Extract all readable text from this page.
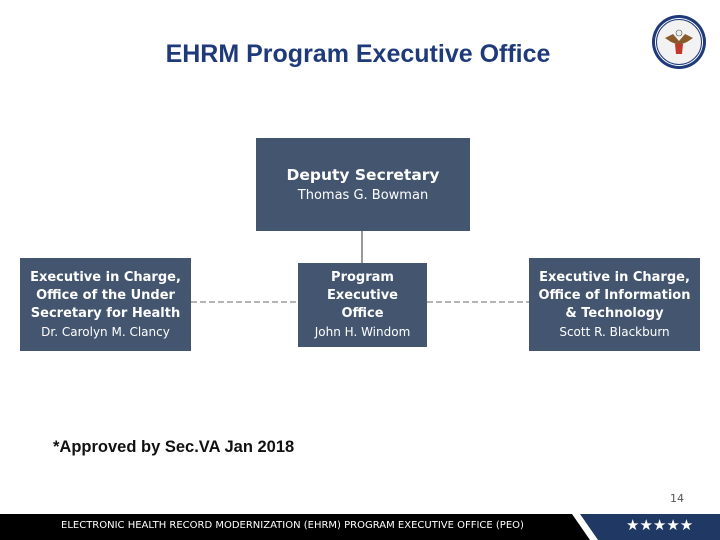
EHRM Program Executive Office
Deputy Secretary
Thomas G. Bowman
Executive in Charge,
Office of the Under
Secretary for Health
Dr. Carolyn M. Clancy
Program
Executive Office
John H. Windom
Executive in Charge,
Office of Information
& Technology
Scott R. Blackburn
*Approved by Sec.VA Jan 2018
14
ELECTRONIC HEALTH RECORD MODERNIZATION (EHRM) PROGRAM EXECUTIVE OFFICE (PEO)	★★★★★
